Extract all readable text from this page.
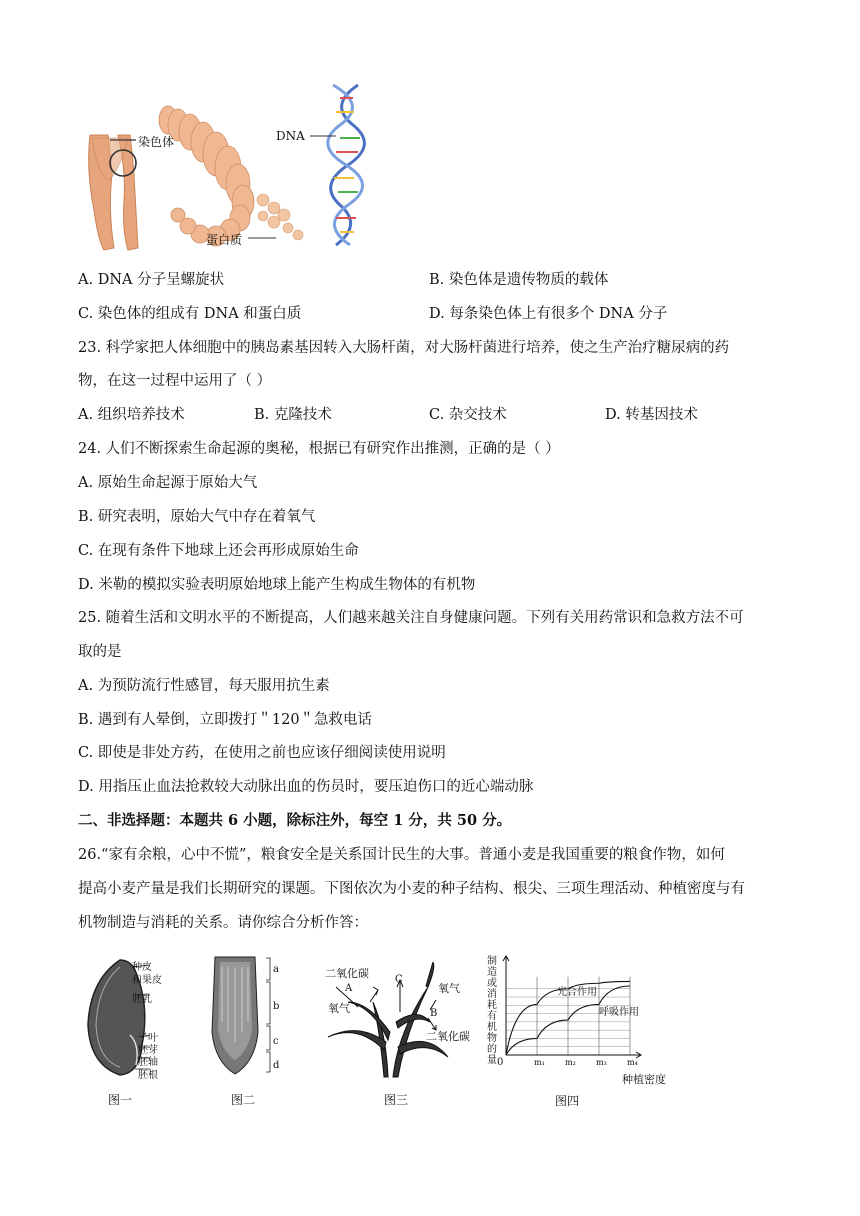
染色体	DNA
蛋白质
A. DNA 分子呈螺旋状	B. 染色体是遗传物质的载体
C. 染色体的组成有 DNA 和蛋白质	D. 每条染色体上有很多个 DNA 分子
23. 科学家把人体细胞中的胰岛素基因转入大肠杆菌，对大肠杆菌进行培养，使之生产治疗糖尿病的药
物，在这一过程中运用了（ ）
A. 组织培养技术	B. 克隆技术	C. 杂交技术	D. 转基因技术
24. 人们不断探索生命起源的奥秘，根据已有研究作出推测，正确的是（ ）
A. 原始生命起源于原始大气
B. 研究表明，原始大气中存在着氧气
C. 在现有条件下地球上还会再形成原始生命
D. 米勒的模拟实验表明原始地球上能产生构成生物体的有机物
25. 随着生活和文明水平的不断提高，人们越来越关注自身健康问题。下列有关用药常识和急救方法不可
取的是
A. 为预防流行性感冒，每天服用抗生素
B. 遇到有人晕倒，立即拨打＂120＂急救电话
C. 即使是非处方药，在使用之前也应该仔细阅读使用说明
D. 用指压止血法抢救较大动脉出血的伤员时，要压迫伤口的近心端动脉
二、非选择题：本题共 6 小题，除标注外，每空 1 分，共 50 分。
26.“家有余粮，心中不慌”，粮食安全是关系国计民生的大事。普通小麦是我国重要的粮食作物，如何
提高小麦产量是我们长期研究的课题。下图依次为小麦的种子结构、根尖、三项生理活动、种植密度与有
机物制造与消耗的关系。请你综合分析作答：
种皮
和果皮
胚乳
子叶
胚芽
胚轴
胚根
图一
a
b
c
d
图二
二氧化碳
A
C
氧气
氧气
B
二氧化碳
图三
制造或消耗有机物的量	m₁	m₂	m₃	m₄
光合作用
呼吸作用
0
种植密度
图四
